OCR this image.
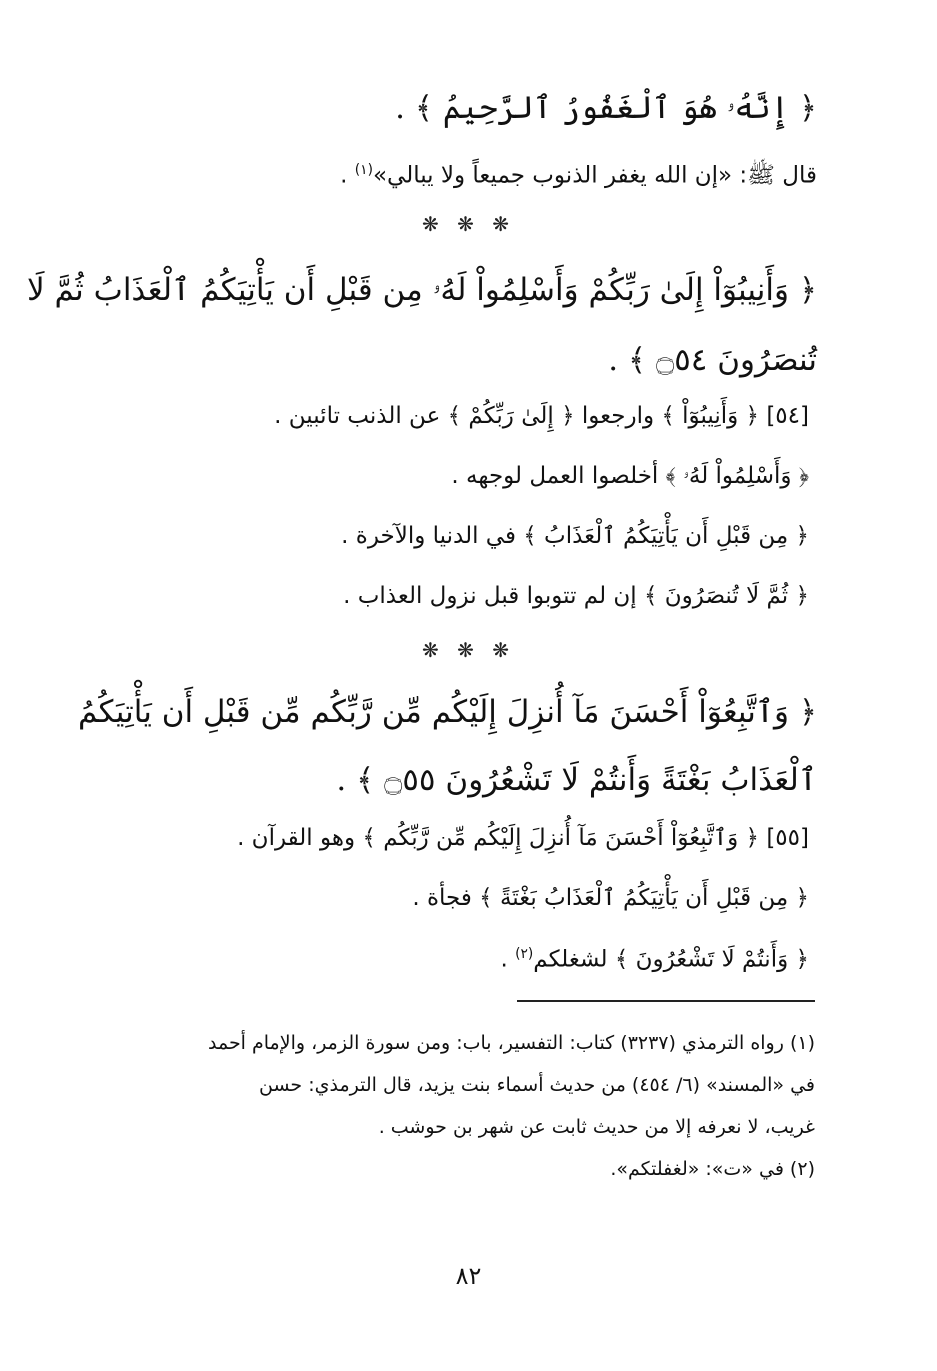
﴿ إِنَّهُۥ هُوَ ٱلْغَفُورُ ٱلرَّحِيمُ ﴾ .
قال ﷺ: «إن الله يغفر الذنوب جميعاً ولا يبالي»$^{(١)}$ .
❋ ❋ ❋
﴿ وَأَنِيبُوٓاْ إِلَىٰ رَبِّكُمْ وَأَسْلِمُواْ لَهُۥ مِن قَبْلِ أَن يَأْتِيَكُمُ ٱلْعَذَابُ ثُمَّ لَا
تُنصَرُونَ ۝٥٤ ﴾ .
[٥٤] ﴿ وَأَنِيبُوٓاْ ﴾ وارجعوا ﴿ إِلَىٰ رَبِّكُمْ ﴾ عن الذنب تائبين .
﴿ وَأَسْلِمُواْ لَهُۥ ﴾ أخلصوا العمل لوجهه .
﴿ مِن قَبْلِ أَن يَأْتِيَكُمُ ٱلْعَذَابُ ﴾ في الدنيا والآخرة .
﴿ ثُمَّ لَا تُنصَرُونَ ﴾ إن لم تتوبوا قبل نزول العذاب .
❋ ❋ ❋
﴿ وَٱتَّبِعُوٓاْ أَحْسَنَ مَآ أُنزِلَ إِلَيْكُم مِّن رَّبِّكُم مِّن قَبْلِ أَن يَأْتِيَكُمُ
ٱلْعَذَابُ بَغْتَةً وَأَنتُمْ لَا تَشْعُرُونَ ۝٥٥ ﴾ .
[٥٥] ﴿ وَٱتَّبِعُوٓاْ أَحْسَنَ مَآ أُنزِلَ إِلَيْكُم مِّن رَّبِّكُم ﴾ وهو القرآن .
﴿ مِن قَبْلِ أَن يَأْتِيَكُمُ ٱلْعَذَابُ بَغْتَةً ﴾ فجأة .
﴿ وَأَنتُمْ لَا تَشْعُرُونَ ﴾ لشغلكم$^{(٢)}$ .
(١) رواه الترمذي (٣٢٣٧) كتاب: التفسير، باب: ومن سورة الزمر، والإمام أحمد
في «المسند» (٦/ ٤٥٤) من حديث أسماء بنت يزيد، قال الترمذي: حسن
غريب، لا نعرفه إلا من حديث ثابت عن شهر بن حوشب .
(٢) في «ت»: «لغفلتكم».
٨٢
